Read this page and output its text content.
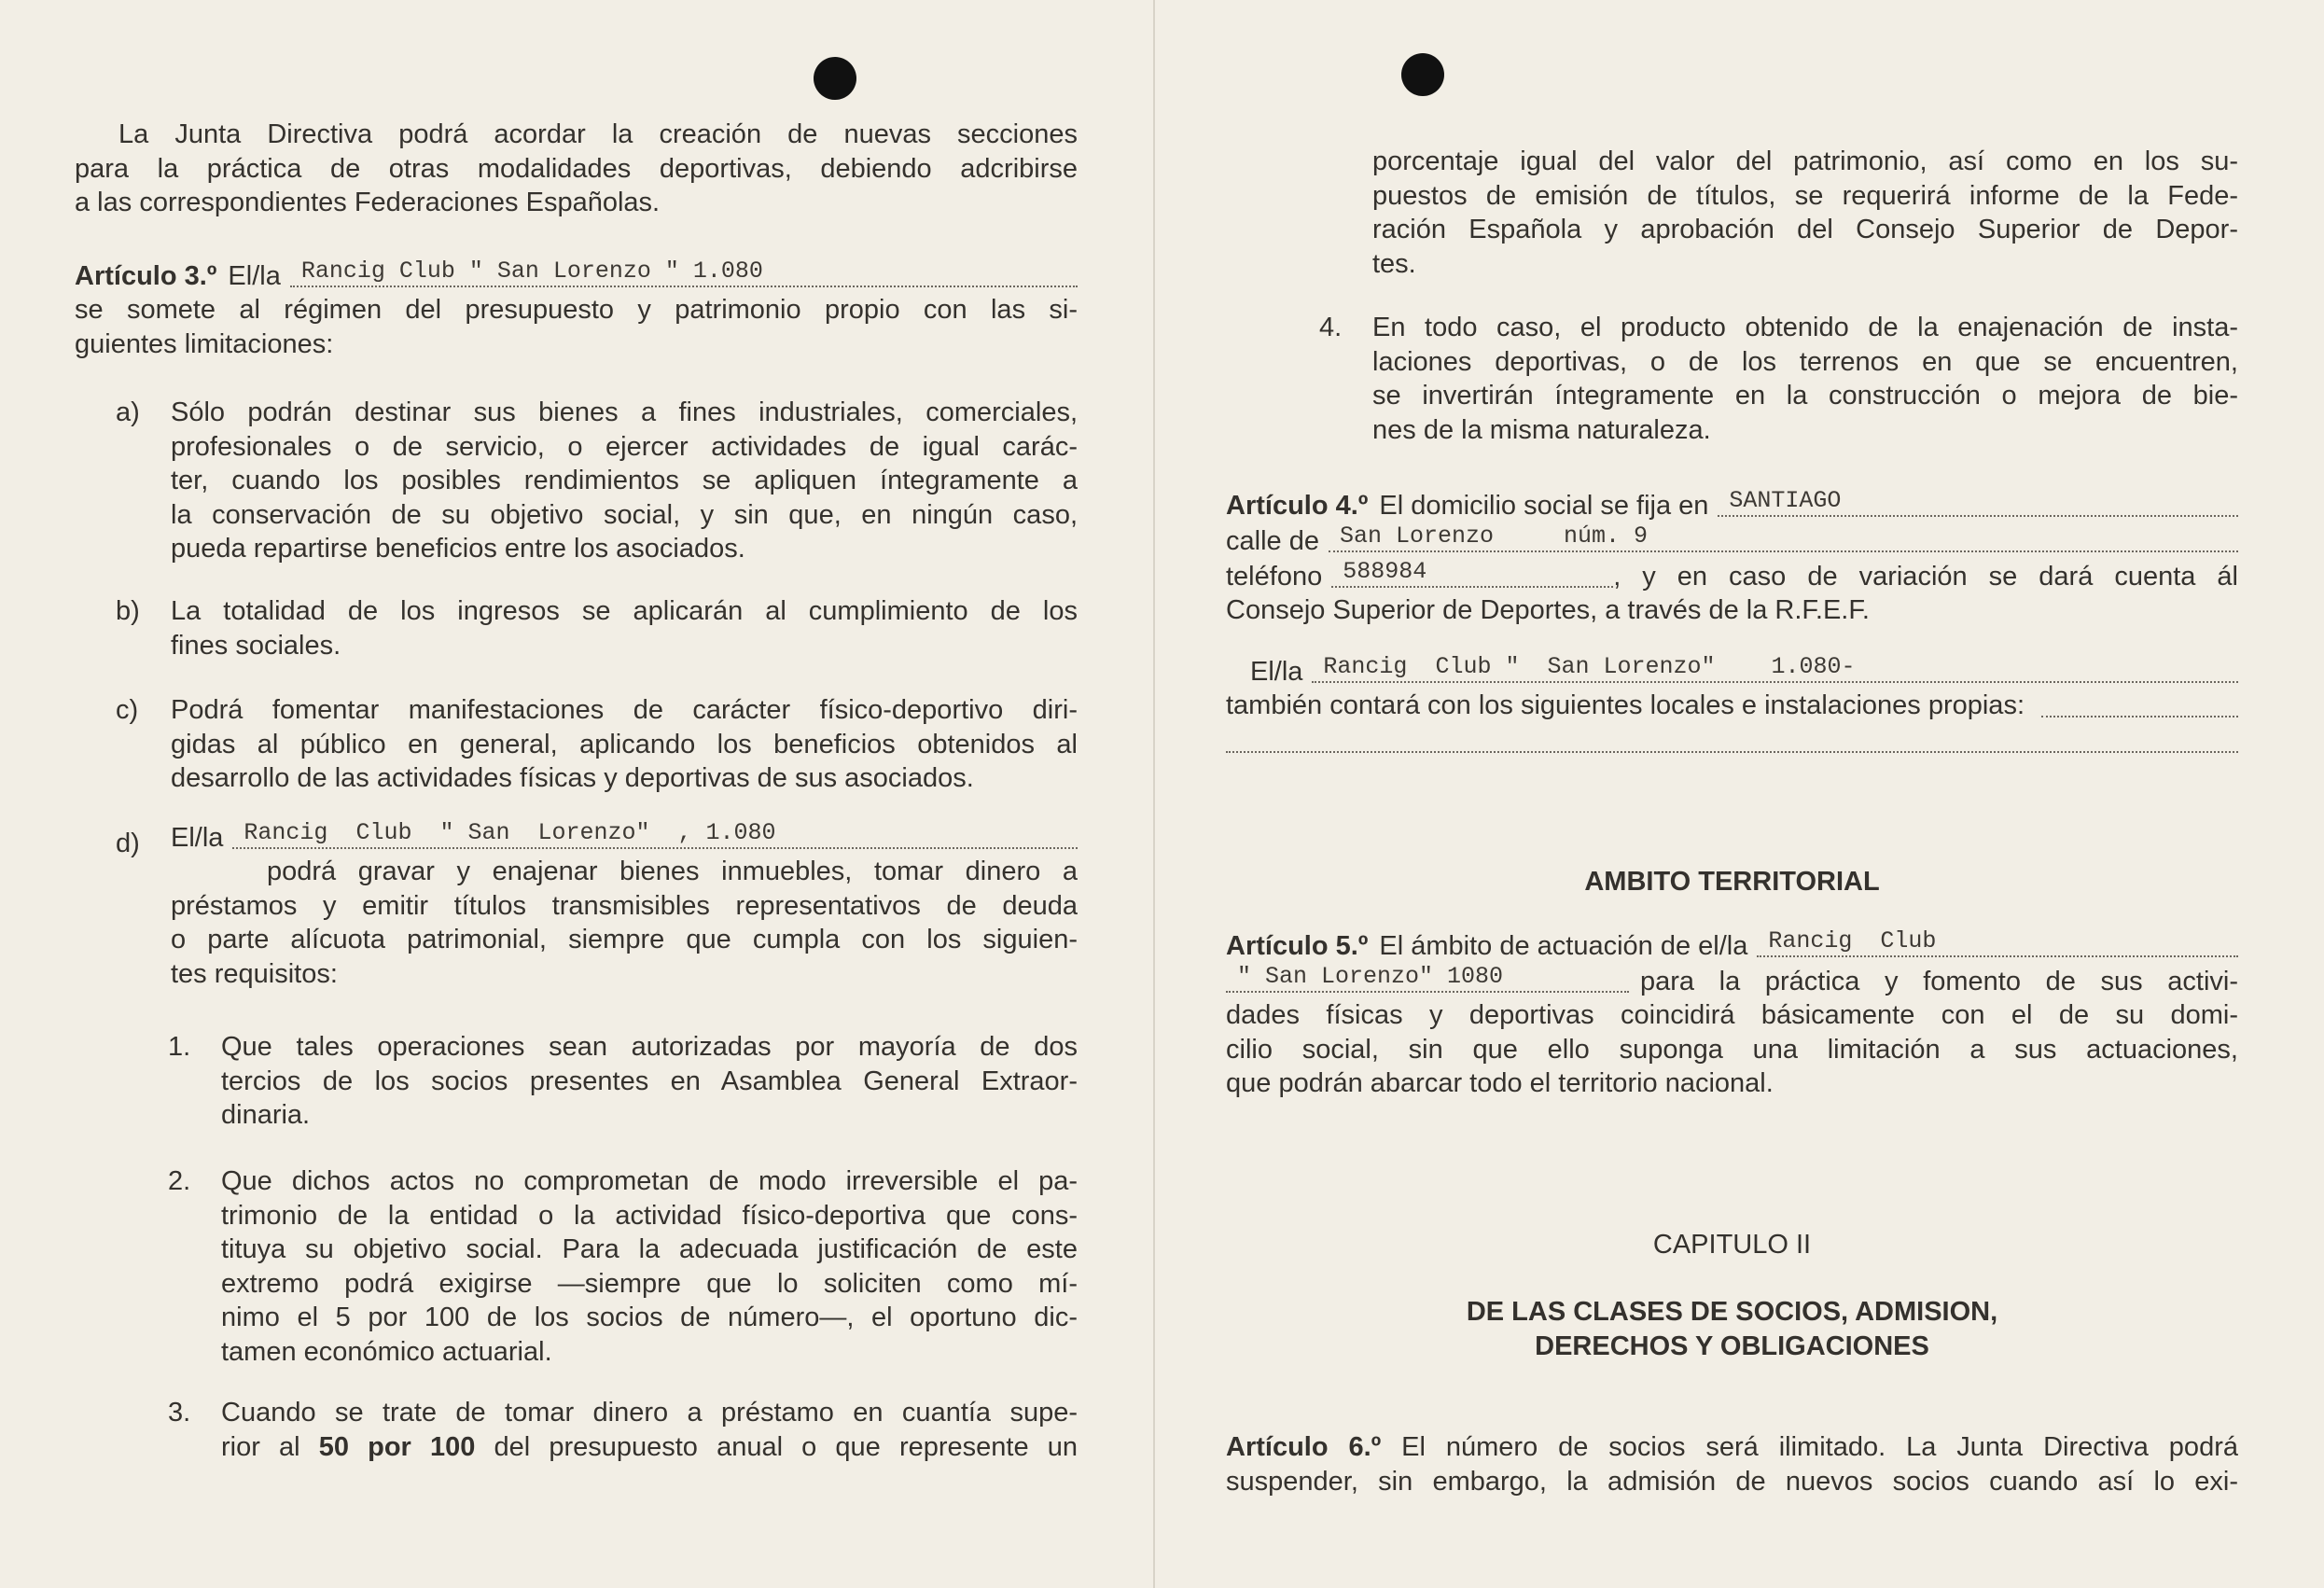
La Junta Directiva podrá acordar la creación de nuevas secciones
para la práctica de otras modalidades deportivas, debiendo adcribirse
a las correspondientes Federaciones Españolas.
Artículo 3.º El/la Rancig Club " San Lorenzo " 1.080
se somete al régimen del presupuesto y patrimonio propio con las si-
guientes limitaciones:
a) Sólo podrán destinar sus bienes a fines industriales, comerciales,
profesionales o de servicio, o ejercer actividades de igual carác-
ter, cuando los posibles rendimientos se apliquen íntegramente a
la conservación de su objetivo social, y sin que, en ningún caso,
pueda repartirse beneficios entre los asociados.
b) La totalidad de los ingresos se aplicarán al cumplimiento de los
fines sociales.
c) Podrá fomentar manifestaciones de carácter físico-deportivo diri-
gidas al público en general, aplicando los beneficios obtenidos al
desarrollo de las actividades físicas y deportivas de sus asociados.
d) El/la Rancig  Club  " San  Lorenzo"  , 1.080
podrá gravar y enajenar bienes inmuebles, tomar dinero a
préstamos y emitir títulos transmisibles representativos de deuda
o parte alícuota patrimonial, siempre que cumpla con los siguien-
tes requisitos:
1. Que tales operaciones sean autorizadas por mayoría de dos
tercios de los socios presentes en Asamblea General Extraor-
dinaria.
2. Que dichos actos no comprometan de modo irreversible el pa-
trimonio de la entidad o la actividad físico-deportiva que cons-
tituya su objetivo social. Para la adecuada justificación de este
extremo podrá exigirse —siempre que lo soliciten como mí-
nimo el 5 por 100 de los socios de número—, el oportuno dic-
tamen económico actuarial.
3. Cuando se trate de tomar dinero a préstamo en cuantía supe-
rior al 50 por 100 del presupuesto anual o que represente un
porcentaje igual del valor del patrimonio, así como en los su-
puestos de emisión de títulos, se requerirá informe de la Fede-
ración Española y aprobación del Consejo Superior de Depor-
tes.
4. En todo caso, el producto obtenido de la enajenación de insta-
laciones deportivas, o de los terrenos en que se encuentren,
se invertirán íntegramente en la construcción o mejora de bie-
nes de la misma naturaleza.
Artículo 4.º El domicilio social se fija en SANTIAGO
calle de San Lorenzo     núm. 9
teléfono 588984	, y en caso de variación se dará cuenta ál
Consejo Superior de Deportes, a través de la R.F.E.F.
El/la Rancig  Club "  San Lorenzo"    1.080-
también contará con los siguientes locales e instalaciones propias:
AMBITO TERRITORIAL
Artículo 5.º El ámbito de actuación de el/la Rancig  Club
" San Lorenzo" 1080	para la práctica y fomento de sus activi-
dades físicas y deportivas coincidirá básicamente con el de su domi-
cilio social, sin que ello suponga una limitación a sus actuaciones,
que podrán abarcar todo el territorio nacional.
CAPITULO II
DE LAS CLASES DE SOCIOS, ADMISION,
DERECHOS Y OBLIGACIONES
Artículo 6.º El número de socios será ilimitado. La Junta Directiva podrá
suspender, sin embargo, la admisión de nuevos socios cuando así lo exi-
